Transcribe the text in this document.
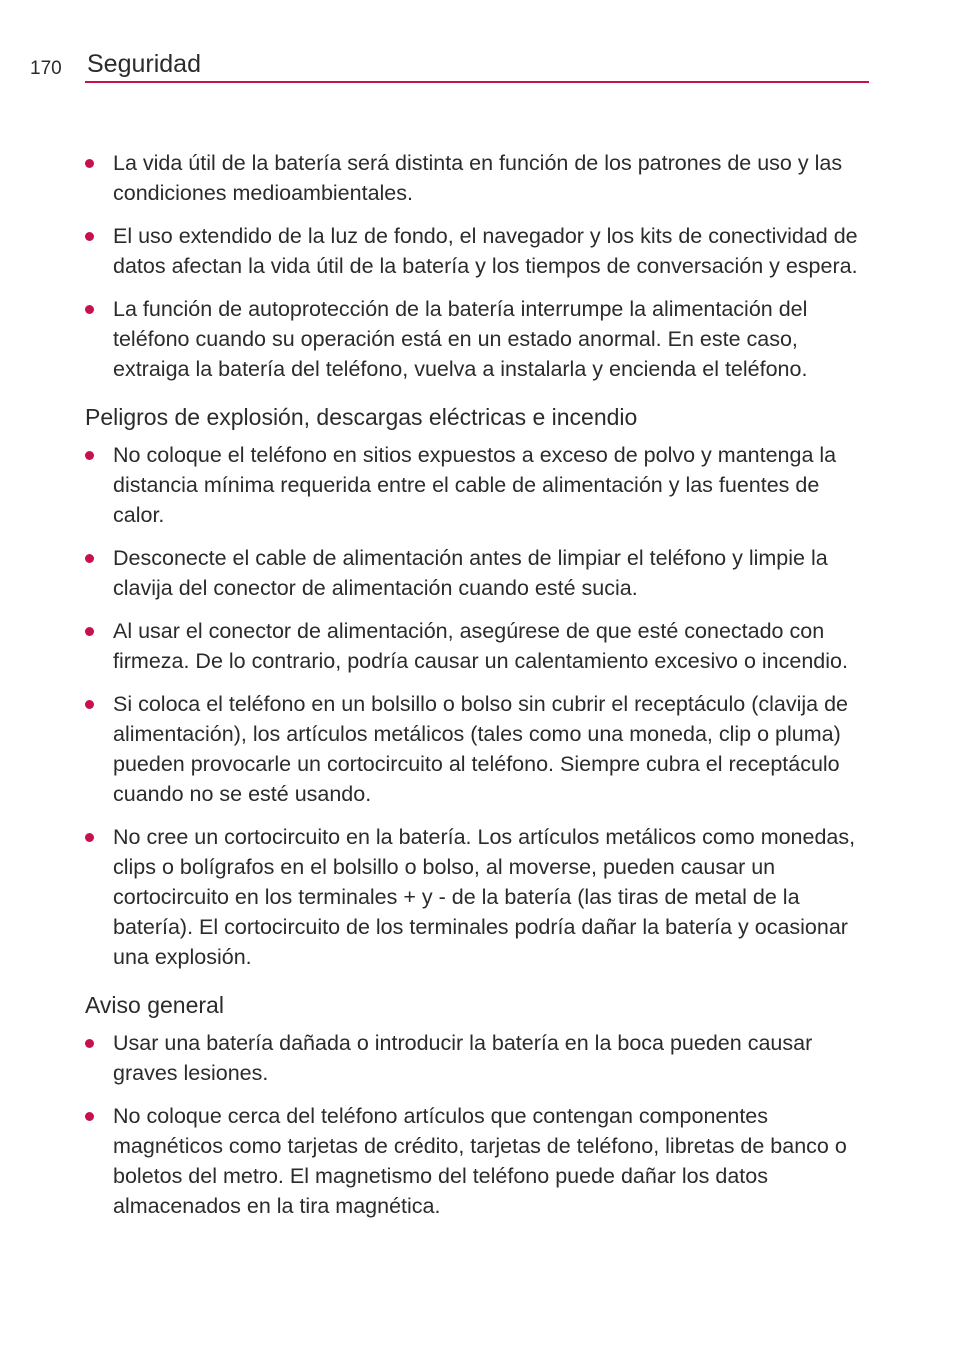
170 Seguridad
La vida útil de la batería será distinta en función de los patrones de uso y las condiciones medioambientales.
El uso extendido de la luz de fondo, el navegador y los kits de conectividad de datos afectan la vida útil de la batería y los tiempos de conversación y espera.
La función de autoprotección de la batería interrumpe la alimentación del teléfono cuando su operación está en un estado anormal. En este caso, extraiga la batería del teléfono, vuelva a instalarla y encienda el teléfono.
Peligros de explosión, descargas eléctricas e incendio
No coloque el teléfono en sitios expuestos a exceso de polvo y mantenga la distancia mínima requerida entre el cable de alimentación y las fuentes de calor.
Desconecte el cable de alimentación antes de limpiar el teléfono y limpie la clavija del conector de alimentación cuando esté sucia.
Al usar el conector de alimentación, asegúrese de que esté conectado con firmeza. De lo contrario, podría causar un calentamiento excesivo o incendio.
Si coloca el teléfono en un bolsillo o bolso sin cubrir el receptáculo (clavija de alimentación), los artículos metálicos (tales como una moneda, clip o pluma) pueden provocarle un cortocircuito al teléfono. Siempre cubra el receptáculo cuando no se esté usando.
No cree un cortocircuito en la batería. Los artículos metálicos como monedas, clips o bolígrafos en el bolsillo o bolso, al moverse, pueden causar un cortocircuito en los terminales + y - de la batería (las tiras de metal de la batería). El cortocircuito de los terminales podría dañar la batería y ocasionar una explosión.
Aviso general
Usar una batería dañada o introducir la batería en la boca pueden causar graves lesiones.
No coloque cerca del teléfono artículos que contengan componentes magnéticos como tarjetas de crédito, tarjetas de teléfono, libretas de banco o boletos del metro. El magnetismo del teléfono puede dañar los datos almacenados en la tira magnética.
